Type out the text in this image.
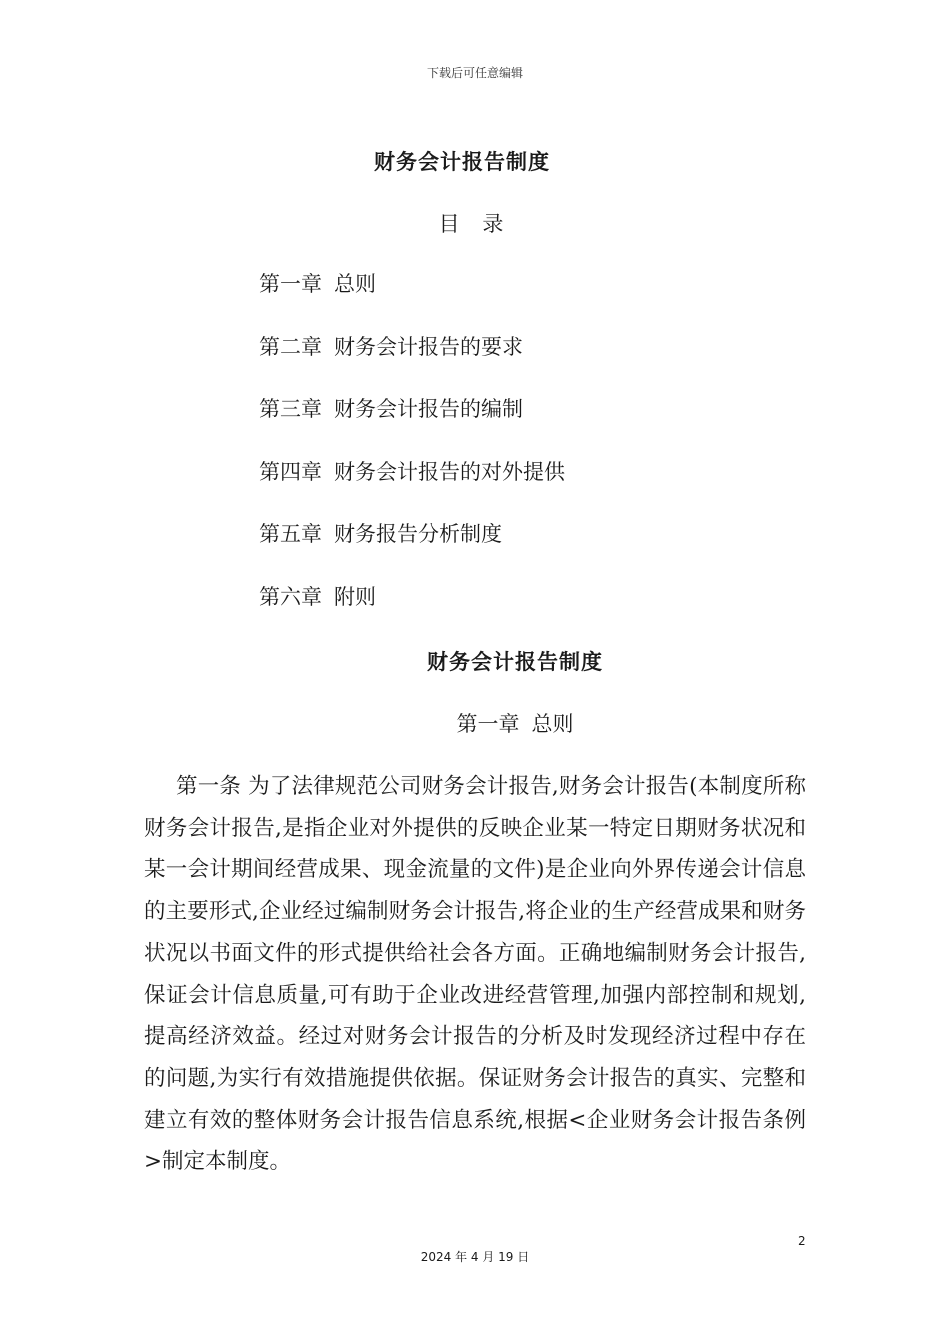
下载后可任意编辑
财务会计报告制度
目 录
第一章 总则
第二章 财务会计报告的要求
第三章 财务会计报告的编制
第四章 财务会计报告的对外提供
第五章 财务报告分析制度
第六章 附则
财务会计报告制度
第一章 总则

第一条 为了法律规范公司财务会计报告,财务会计报告(本制度所称财务会计报告,是指企业对外提供的反映企业某一特定日期财务状况和某一会计期间经营成果、现金流量的文件)是企业向外界传递会计信息的主要形式,企业经过编制财务会计报告,将企业的生产经营成果和财务状况以书面文件的形式提供给社会各方面。正确地编制财务会计报告,保证会计信息质量,可有助于企业改进经营管理,加强内部控制和规划,提高经济效益。经过对财务会计报告的分析及时发现经济过程中存在的问题,为实行有效措施提供依据。保证财务会计报告的真实、完整和建立有效的整体财务会计报告信息系统,根据<企业财务会计报告条例>制定本制度。

2
2024 年 4 月 19 日
